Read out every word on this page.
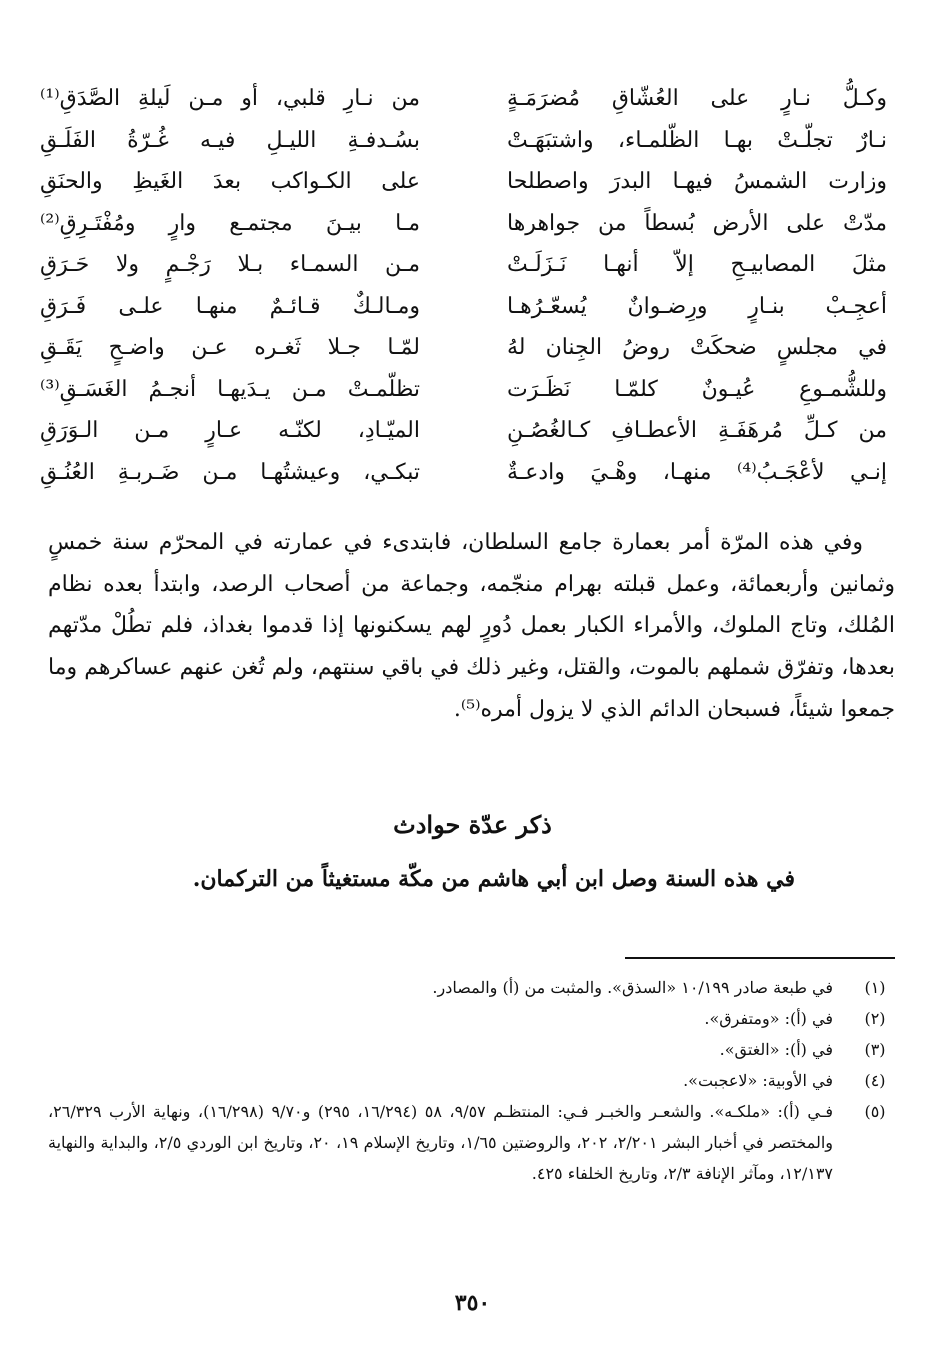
وكـلُّ نـارٍ على العُشّاقِ مُضرَمَـةٍ
من نـارِ قلبي، أو مـن لَيلةِ الصَّدَقِ⁽¹⁾
نـارٌ تجلّـتْ بهـا الظّلمـاء، واشتبَهَـتْ
بسُـدفـةِ الليـلِ فيـه غُـرّةُ الفَلَـقِ
وزارت الشمسُ فيهـا البدرَ واصطلحا
على الكـواكب بعدَ الغَيظِ والحنَقِ
مدّتْ على الأرض بُسطاً من جواهرها
مـا بيـنَ مجتمـع وارٍ ومُفْتَـرِقِ⁽²⁾
مثلَ المصابيـحِ إلاّ أنهـا نَـزَلَـتْ
مـن السمـاء بـلا رَجْـمٍ ولا حَـرَقِ
أعجِـبْ بنـارٍ ورِضـوانٌ يُسعّـرُهـا
ومـالـكٌ قـائـمٌ منهـا علـى فَـرَقِ
في مجلسٍ ضحكَتْ روضُ الجِنان لهُ
لمّـا جـلا ثَغـره عـن واضـحٍ يَقَـقِ
وللشُّمـوعِ عُيـونٌ كلمّـا نَظَـرَت
تظلّمـتْ مـن يـدَيهـا أنجـمُ الغَسَـقِ⁽³⁾
من كـلِّ مُرهَفَـةِ الأعطـافِ كـالغُصُـنِ
الميّـادِ، لكنّـه عـارٍ مـن الـوَرَقِ
إنـي لأعْجَـبُ⁽⁴⁾ منهـا، وهْـيَ وادعـةٌ
تبكـي، وعيشتُهـا مـن ضَـربـةِ العُنُـقِ

وفي هذه المرّة أمر بعمارة جامع السلطان، فابتدىء في عمارته في المحرّم سنة خمسٍ وثمانين وأربعمائة، وعمل قبلته بهرام منجّمه، وجماعة من أصحاب الرصد، وابتدأ بعده نظام المُلك، وتاج الملوك، والأمراء الكبار بعمل دُورٍ لهم يسكنونها إذا قدموا بغداذ، فلم تطُلْ مدّتهم بعدها، وتفرّق شملهم بالموت، والقتل، وغير ذلك في باقي سنتهم، ولم تُغن عنهم عساكرهم وما جمعوا شيئاً، فسبحان الدائم الذي لا يزول أمره⁽⁵⁾.

ذكر عدّة حوادث
في هذه السنة وصل ابن أبي هاشم من مكّة مستغيثاً من التركمان.
(١)
في طبعة صادر ١٠/١٩٩ «السذق». والمثبت من (أ) والمصادر.
(٢)
في (أ): «ومتفرق».
(٣)
في (أ): «الغتق».
(٤)
في الأوبية: «لاعجبت».
(٥)
فـي (أ): «ملكـه». والشعـر والخبـر فـي: المنتظـم ٩/٥٧، ٥٨ (١٦/٢٩٤، ٢٩٥) و٩/٧٠ (١٦/٢٩٨)، ونهاية الأرب ٢٦/٣٢٩، والمختصر في أخبار البشر ٢/٢٠١، ٢٠٢، والروضتين ١/٦٥، وتاريخ الإسلام ١٩، ٢٠، وتاريخ ابن الوردي ٢/٥، والبداية والنهاية ١٢/١٣٧، ومآثر الإنافة ٢/٣، وتاريخ الخلفاء ٤٢٥.
٣٥٠
